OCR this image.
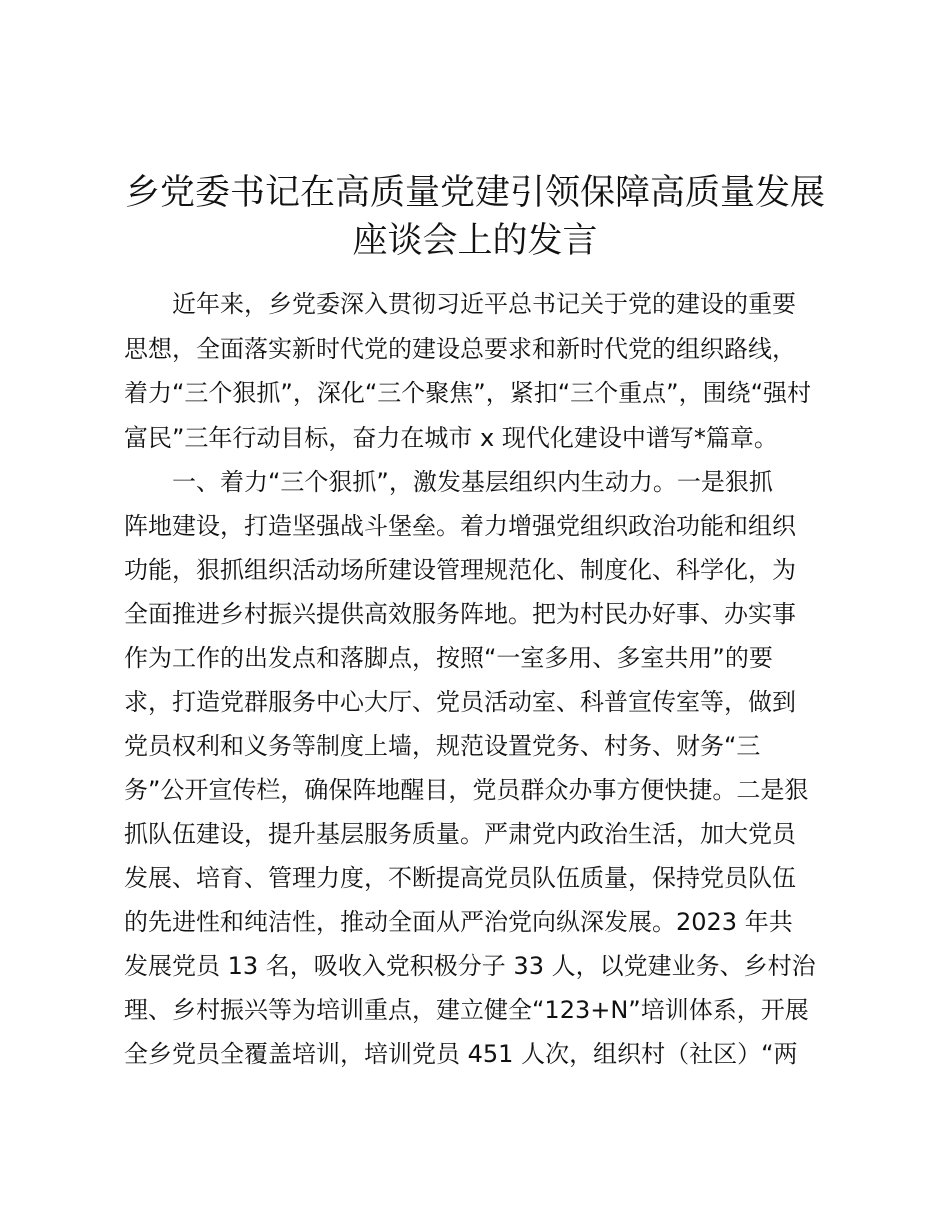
乡党委书记在高质量党建引领保障高质量发展
座谈会上的发言
近年来，乡党委深入贯彻习近平总书记关于党的建设的重要
思想，全面落实新时代党的建设总要求和新时代党的组织路线，
着力“三个狠抓”，深化“三个聚焦”，紧扣“三个重点”，围绕“强村
富民”三年行动目标，奋力在城市 x 现代化建设中谱写*篇章。
一、着力“三个狠抓”，激发基层组织内生动力。一是狠抓
阵地建设，打造坚强战斗堡垒。着力增强党组织政治功能和组织
功能，狠抓组织活动场所建设管理规范化、制度化、科学化，为
全面推进乡村振兴提供高效服务阵地。把为村民办好事、办实事
作为工作的出发点和落脚点，按照“一室多用、多室共用”的要
求，打造党群服务中心大厅、党员活动室、科普宣传室等，做到
党员权利和义务等制度上墙，规范设置党务、村务、财务“三
务”公开宣传栏，确保阵地醒目，党员群众办事方便快捷。二是狠
抓队伍建设，提升基层服务质量。严肃党内政治生活，加大党员
发展、培育、管理力度，不断提高党员队伍质量，保持党员队伍
的先进性和纯洁性，推动全面从严治党向纵深发展。2023 年共
发展党员 13 名，吸收入党积极分子 33 人，以党建业务、乡村治
理、乡村振兴等为培训重点，建立健全“123+N”培训体系，开展
全乡党员全覆盖培训，培训党员 451 人次，组织村（社区）“两
